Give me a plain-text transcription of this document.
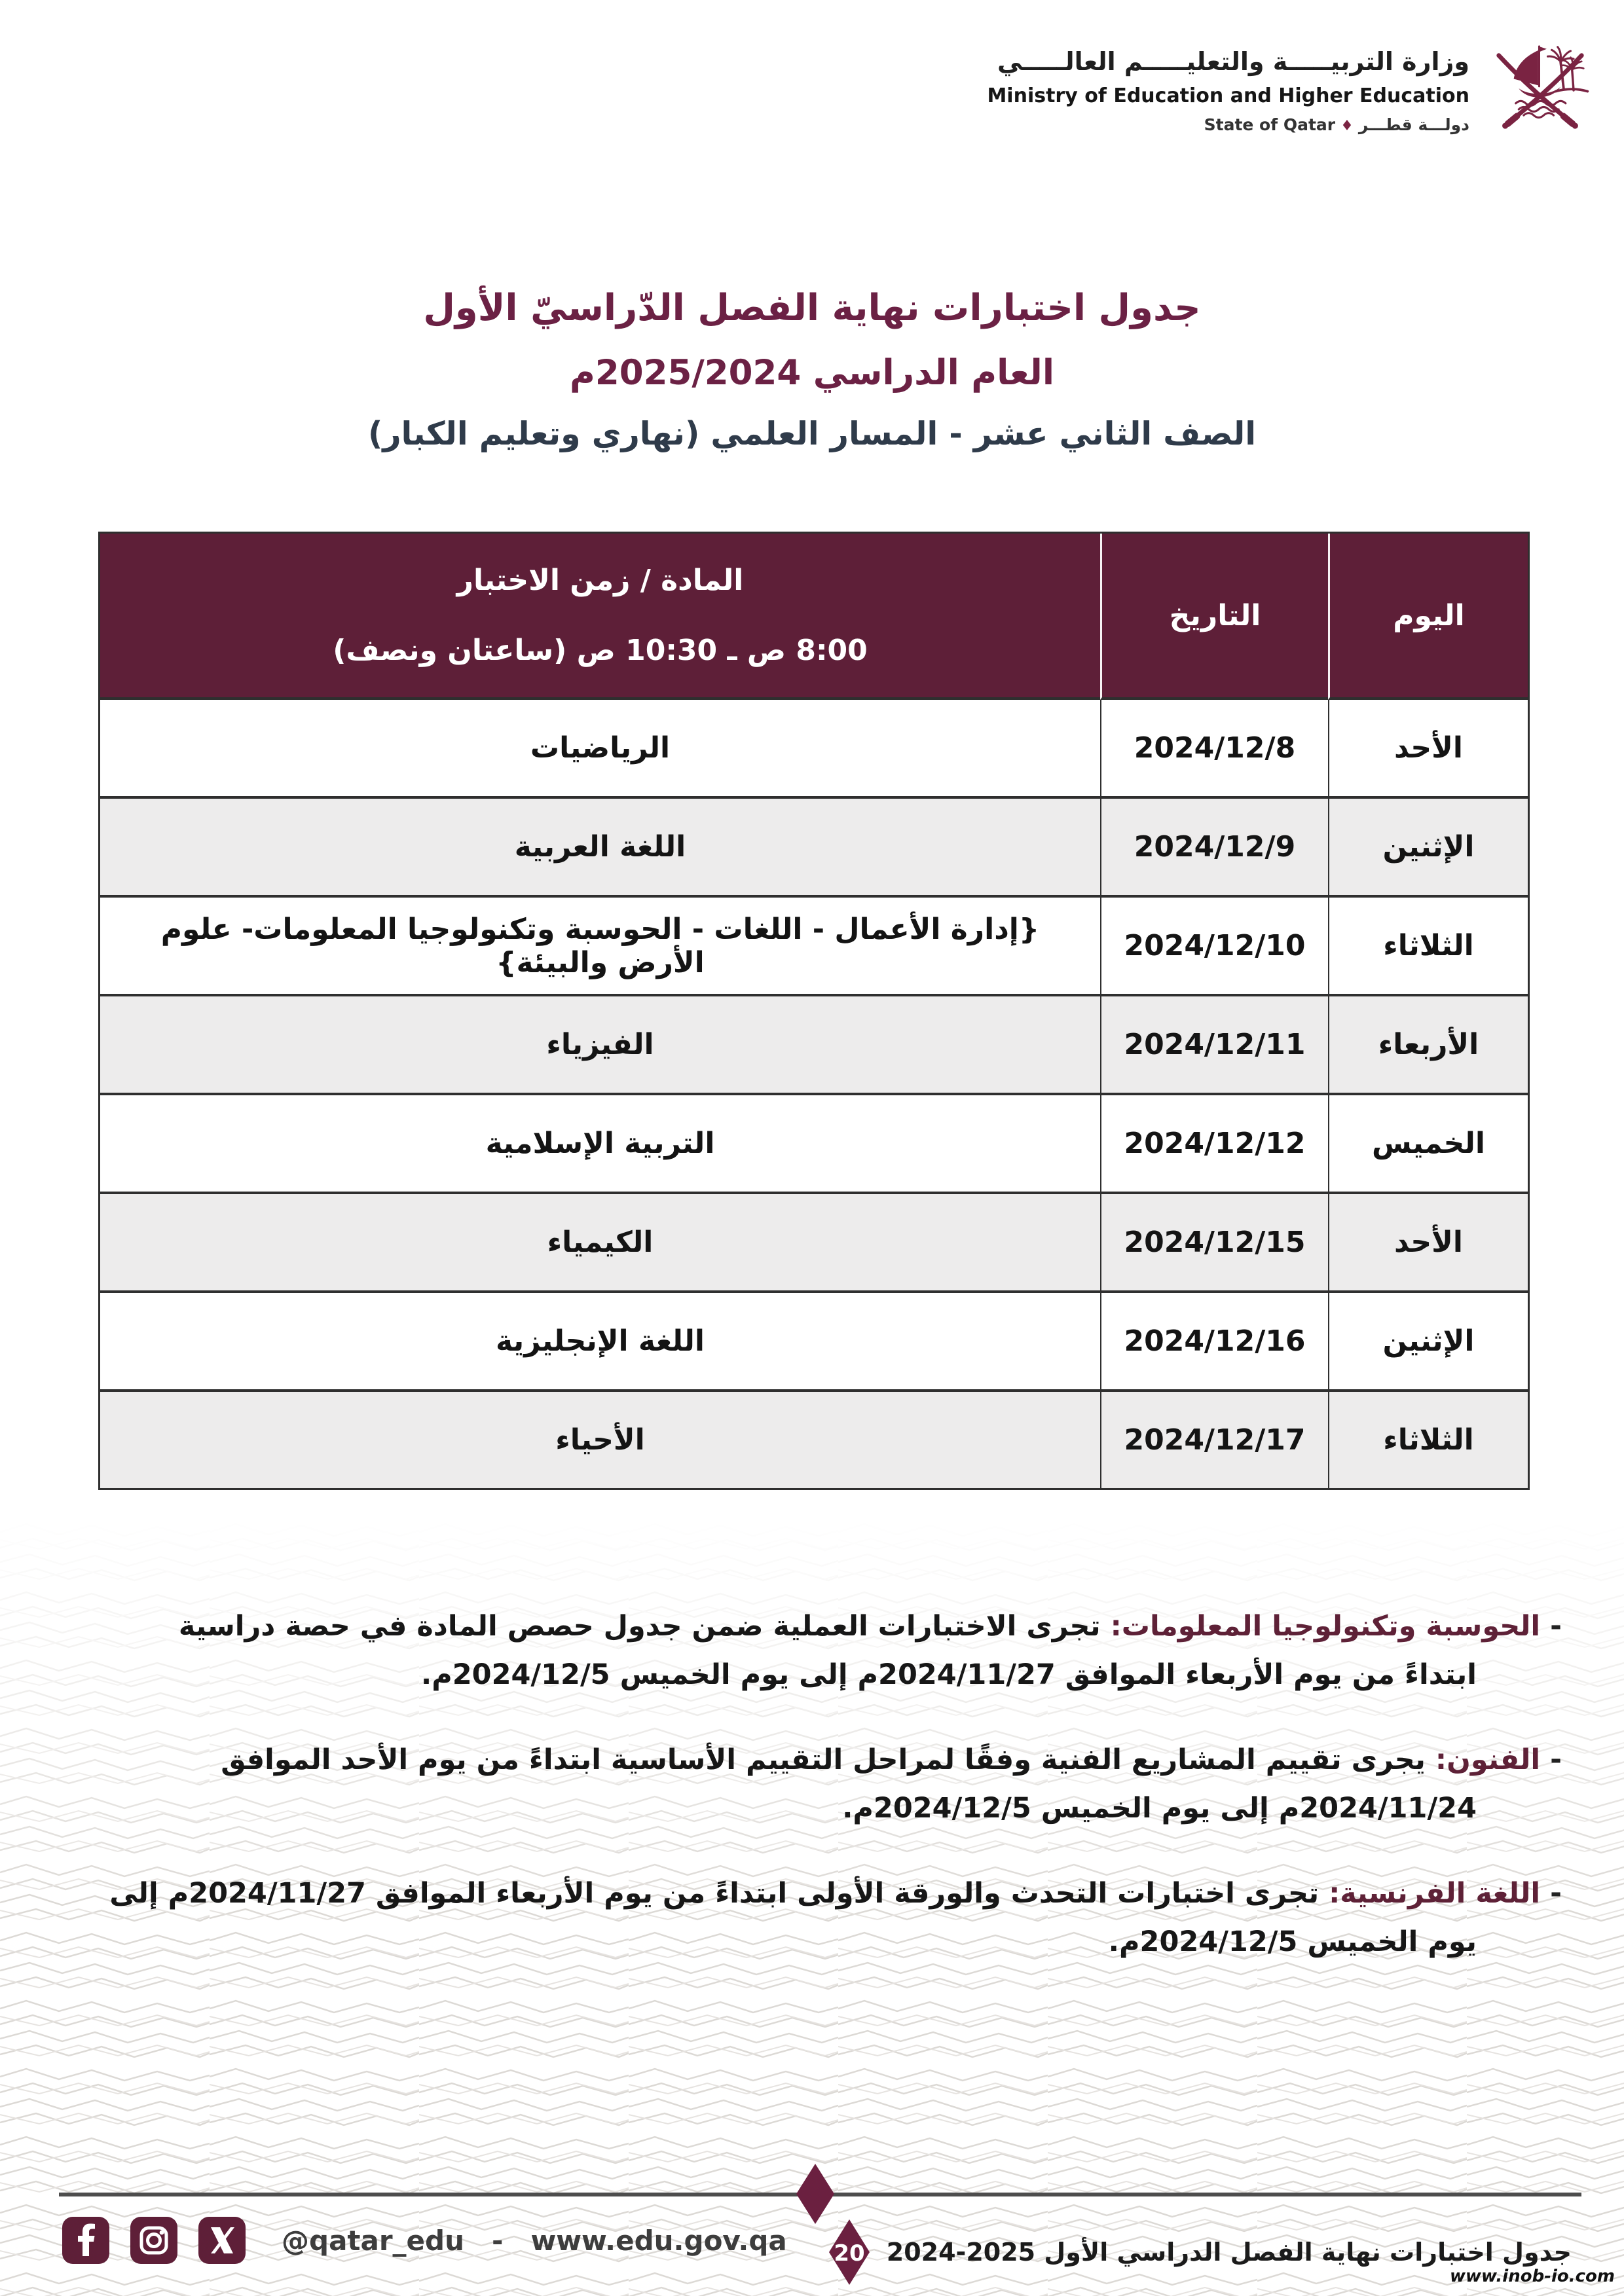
وزارة التربيـــــة والتعليـــــم العالـــــي
Ministry of Education and Higher Education
دولـــة قطـــر♦State of Qatar
جدول اختبارات نهاية الفصل الدّراسيّ الأول
العام الدراسي 2025/2024م
الصف الثاني عشر - المسار العلمي (نهاري وتعليم الكبار)
اليوم	التاريخ	المادة / زمن الاختبار
8:00 ص ـ 10:30 ص (ساعتان ونصف)

الأحد	2024/12/8	الرياضيات
الإثنين	2024/12/9	اللغة العربية
الثلاثاء	2024/12/10	{إدارة الأعمال - اللغات - الحوسبة وتكنولوجيا المعلومات- علوم الأرض والبيئة}
الأربعاء	2024/12/11	الفيزياء
الخميس	2024/12/12	التربية الإسلامية
الأحد	2024/12/15	الكيمياء
الإثنين	2024/12/16	اللغة الإنجليزية
الثلاثاء	2024/12/17	الأحياء

- الحوسبة وتكنولوجيا المعلومات: تجرى الاختبارات العملية ضمن جدول حصص المادة في حصة دراسية ابتداءً من يوم الأربعاء الموافق 2024/11/27م إلى يوم الخميس 2024/12/5م.

- الفنون: يجرى تقييم المشاريع الفنية وفقًا لمراحل التقييم الأساسية ابتداءً من يوم الأحد الموافق 2024/11/24م إلى يوم الخميس 2024/12/5م.

- اللغة الفرنسية: تجرى اختبارات التحدث والورقة الأولى ابتداءً من يوم الأربعاء الموافق 2024/11/27م إلى يوم الخميس 2024/12/5م.

@qatar_edu - www.edu.gov.qa	جدول اختبارات نهاية الفصل الدراسي الأول 2025-2024
20
www.inob-io.com
